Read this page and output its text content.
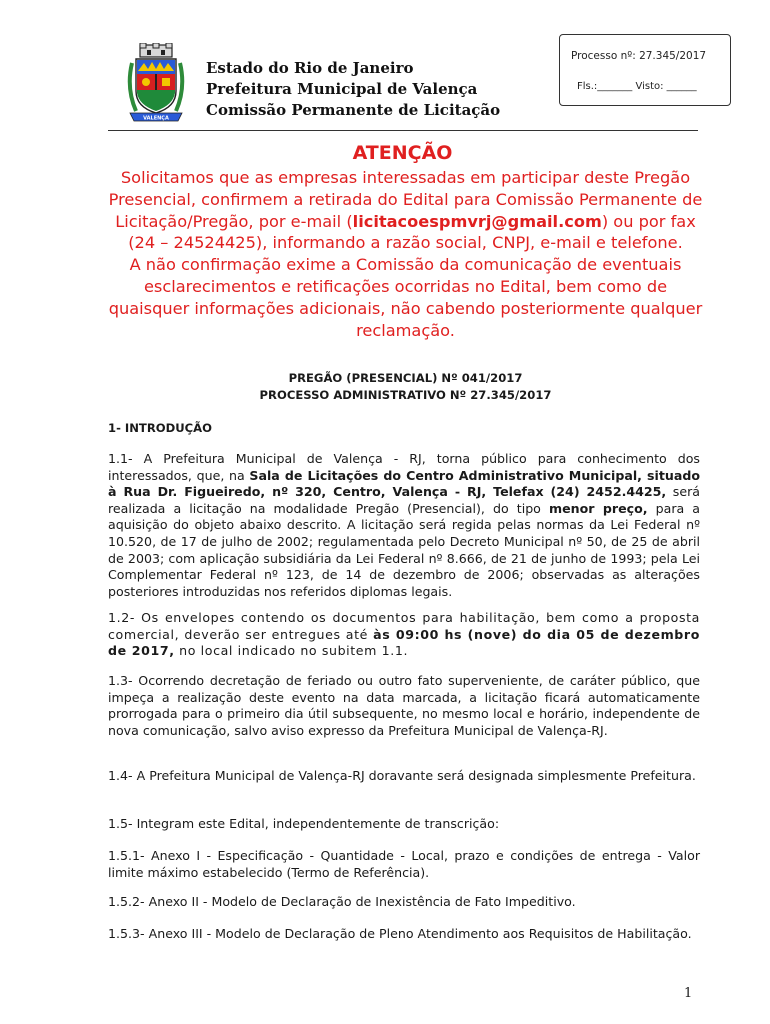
VALENÇA
Estado do Rio de Janeiro
Prefeitura Municipal de Valença
Comissão Permanente de Licitação
Processo nº: 27.345/2017
Fls.:_______ Visto: ______
ATENÇÃO
Solicitamos que as empresas interessadas em participar deste Pregão Presencial, confirmem a retirada do Edital para Comissão Permanente de Licitação/Pregão, por e-mail (licitacoespmvrj@gmail.com) ou por fax (24 – 24524425), informando a razão social, CNPJ, e-mail e telefone.
A não confirmação exime a Comissão da comunicação de eventuais esclarecimentos e retificações ocorridas no Edital, bem como de quaisquer informações adicionais, não cabendo posteriormente qualquer reclamação.
PREGÃO (PRESENCIAL) Nº 041/2017
PROCESSO ADMINISTRATIVO Nº 27.345/2017
1- INTRODUÇÃO
1.1- A Prefeitura Municipal de Valença - RJ, torna público para conhecimento dos interessados, que, na Sala de Licitações do Centro Administrativo Municipal, situado à Rua Dr. Figueiredo, nº 320, Centro, Valença - RJ, Telefax (24) 2452.4425, será realizada a licitação na modalidade Pregão (Presencial), do tipo menor preço, para a aquisição do objeto abaixo descrito. A licitação será regida pelas normas da Lei Federal nº 10.520, de 17 de julho de 2002; regulamentada pelo Decreto Municipal nº 50, de 25 de abril de 2003; com aplicação subsidiária da Lei Federal nº 8.666, de 21 de junho de 1993; pela Lei Complementar Federal nº 123, de 14 de dezembro de 2006; observadas as alterações posteriores introduzidas nos referidos diplomas legais.
1.2- Os envelopes contendo os documentos para habilitação, bem como a proposta comercial, deverão ser entregues até às 09:00 hs (nove) do dia 05 de dezembro de 2017, no local indicado no subitem 1.1.
1.3- Ocorrendo decretação de feriado ou outro fato superveniente, de caráter público, que impeça a realização deste evento na data marcada, a licitação ficará automaticamente prorrogada para o primeiro dia útil subsequente, no mesmo local e horário, independente de nova comunicação, salvo aviso expresso da Prefeitura Municipal de Valença-RJ.
1.4- A Prefeitura Municipal de Valença-RJ doravante será designada simplesmente Prefeitura.
1.5- Integram este Edital, independentemente de transcrição:
1.5.1- Anexo I - Especificação - Quantidade - Local, prazo e condições de entrega - Valor limite máximo estabelecido (Termo de Referência).
1.5.2- Anexo II - Modelo de Declaração de Inexistência de Fato Impeditivo.
1.5.3- Anexo III - Modelo de Declaração de Pleno Atendimento aos Requisitos de Habilitação.
1
